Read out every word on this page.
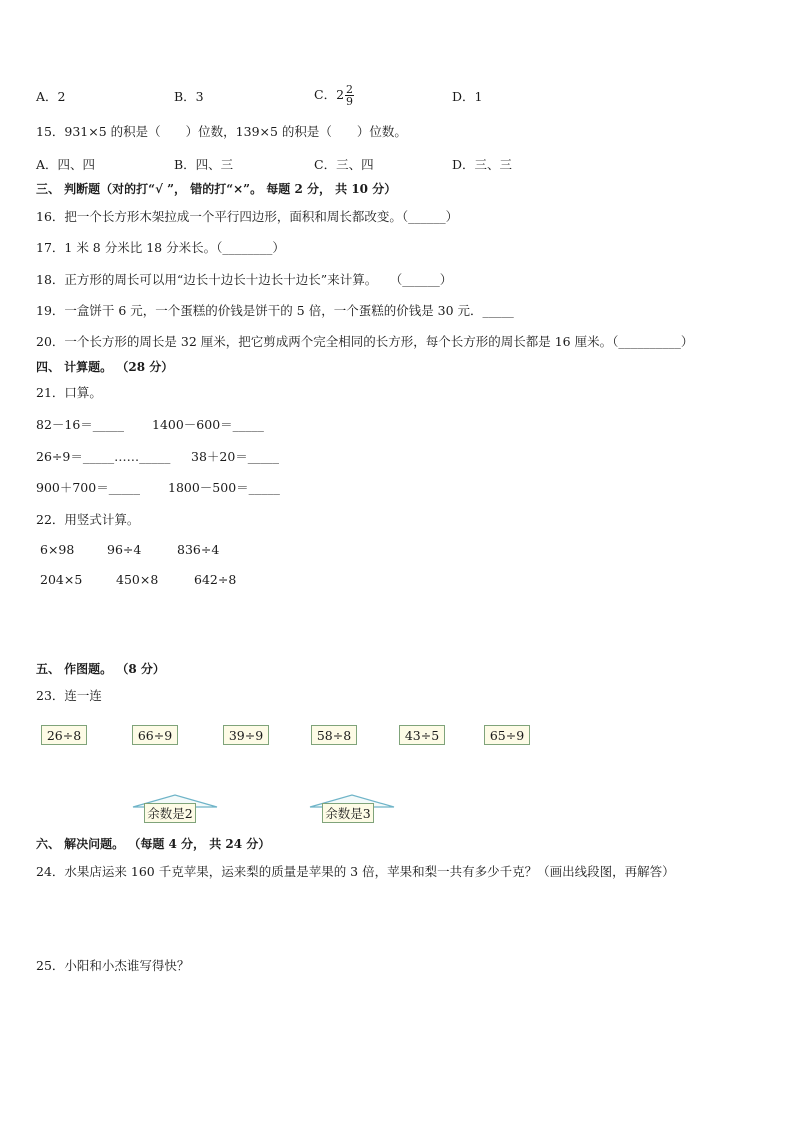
A．2	B．3	C．$2 \frac{2}{9}$	D．1
15．931×5 的积是（　　）位数，139×5 的积是（　　）位数。
A．四、四	B．四、三	C．三、四	D．三、三
三、 判断题（对的打“√ ”， 错的打“×”。 每题 2 分， 共 10 分）
16．把一个长方形木架拉成一个平行四边形，面积和周长都改变。（______）
17．1 米 8 分米比 18 分米长。（________）
18．正方形的周长可以用“边长十边长十边长十边长”来计算。　　（______）
19．一盒饼干 6 元，一个蛋糕的价钱是饼干的 5 倍，一个蛋糕的价钱是 30 元．_____
20．一个长方形的周长是 32 厘米，把它剪成两个完全相同的长方形，每个长方形的周长都是 16 厘米。（__________）
四、 计算题。 （28 分）
21．口算。
82－16＝_____ 1400－600＝_____
26÷9＝_____……_____ 38＋20＝_____
900＋700＝_____ 1800－500＝_____
22．用竖式计算。
6×98	96÷4	836÷4
204×5	450×8	642÷8
五、 作图题。 （8 分）
23．连一连
26÷8	66÷9	39÷9	58÷8	43÷5	65÷9
余数是2	余数是3
六、 解决问题。 （每题 4 分， 共 24 分）
24．水果店运来 160 千克苹果，运来梨的质量是苹果的 3 倍，苹果和梨一共有多少千克？（画出线段图，再解答）
25．小阳和小杰谁写得快？
